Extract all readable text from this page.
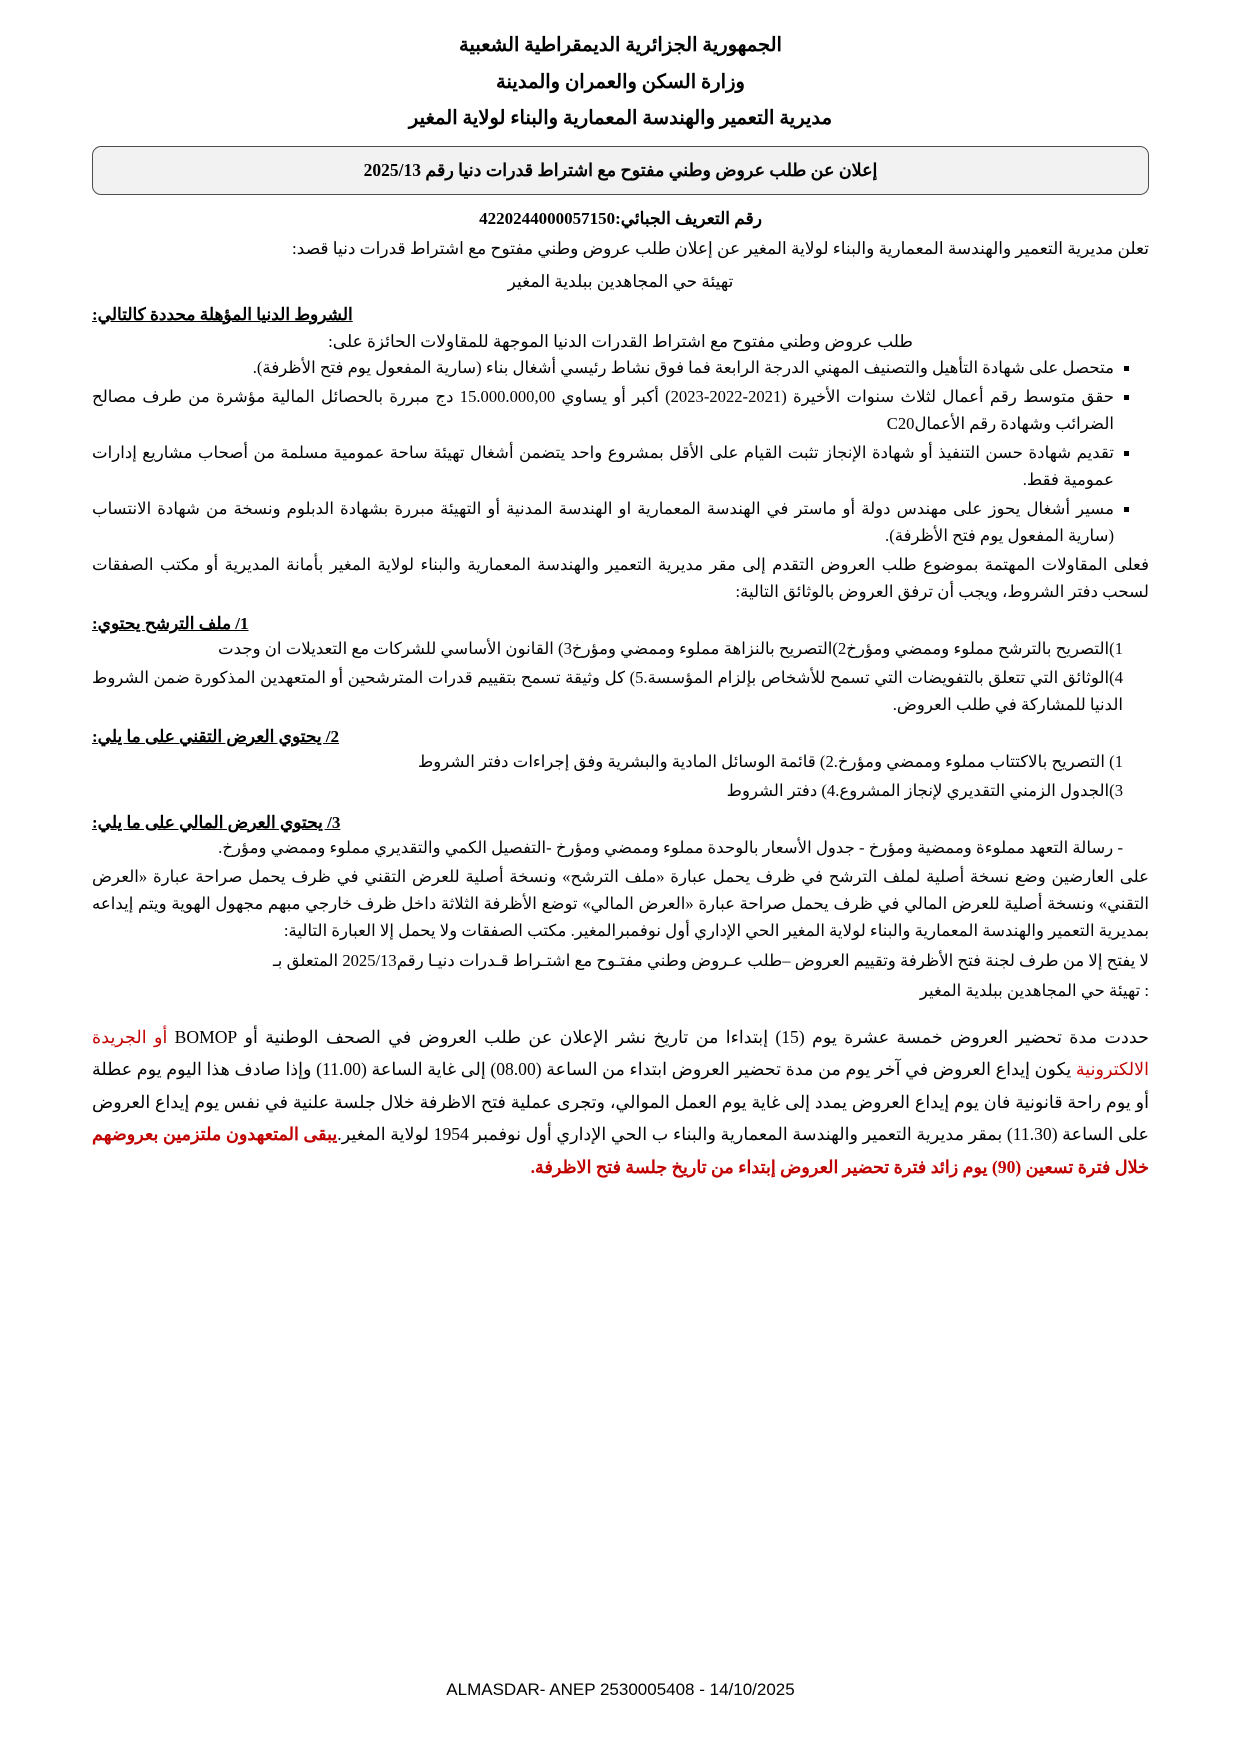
الجمهورية الجزائرية الديمقراطية الشعبية
وزارة السكن والعمران والمدينة
مديرية التعمير والهندسة المعمارية والبناء لولاية المغير
إعلان عن طلب عروض وطني مفتوح مع اشتراط قدرات دنيا رقم 2025/13
رقم التعريف الجبائي:4220244000057150
تعلن مديرية التعمير والهندسة المعمارية والبناء لولاية المغير عن إعلان طلب عروض وطني مفتوح مع اشتراط قدرات دنيا قصد:
تهيئة حي المجاهدين ببلدية المغير
الشروط الدنيا المؤهلة محددة كالتالي:
طلب عروض وطني مفتوح مع اشتراط القدرات الدنيا الموجهة للمقاولات الحائزة على:
متحصل على شهادة التأهيل والتصنيف المهني الدرجة الرابعة فما فوق نشاط رئيسي أشغال بناء (سارية المفعول يوم فتح الأظرفة).
حقق متوسط رقم أعمال لثلاث سنوات الأخيرة (2021-2022-2023) أكبر أو يساوي 15.000.000,00 دج مبررة بالحصائل المالية مؤشرة من طرف مصالح الضرائب وشهادة رقم الأعمالC20
تقديم شهادة حسن التنفيذ أو شهادة الإنجاز تثبت القيام على الأقل بمشروع واحد يتضمن أشغال تهيئة ساحة عمومية مسلمة من أصحاب مشاريع إدارات عمومية فقط.
مسير أشغال يحوز على مهندس دولة أو ماستر في الهندسة المعمارية او الهندسة المدنية أو التهيئة مبررة بشهادة الدبلوم ونسخة من شهادة الانتساب (سارية المفعول يوم فتح الأظرفة).
فعلى المقاولات المهتمة بموضوع طلب العروض التقدم إلى مقر مديرية التعمير والهندسة المعمارية والبناء لولاية المغير بأمانة المديرية أو مكتب الصفقات لسحب دفتر الشروط، ويجب أن ترفق العروض بالوثائق التالية:
1/ ملف الترشح يحتوي:
1)التصريح بالترشح مملوء وممضي ومؤرخ2)التصريح بالنزاهة مملوء وممضي ومؤرخ3) القانون الأساسي للشركات مع التعديلات ان وجدت
4)الوثائق التي تتعلق بالتفويضات التي تسمح للأشخاص بإلزام المؤسسة.5) كل وثيقة تسمح بتقييم قدرات المترشحين أو المتعهدين المذكورة ضمن الشروط الدنيا للمشاركة في طلب العروض.
2/ يحتوي العرض التقني على ما يلي:
1) التصريح بالاكتتاب مملوء وممضي ومؤرخ.2) قائمة الوسائل المادية والبشرية وفق إجراءات دفتر الشروط
3)الجدول الزمني التقديري لإنجاز المشروع.4) دفتر الشروط
3/ يحتوي العرض المالي على ما يلي:
- رسالة التعهد مملوءة وممضية ومؤرخ - جدول الأسعار بالوحدة مملوء وممضي ومؤرخ -التفصيل الكمي والتقديري مملوء وممضي ومؤرخ.
على العارضين وضع نسخة أصلية لملف الترشح في ظرف يحمل عبارة «ملف الترشح» ونسخة أصلية للعرض التقني في ظرف يحمل صراحة عبارة «العرض التقني» ونسخة أصلية للعرض المالي في ظرف يحمل صراحة عبارة «العرض المالي» توضع الأظرفة الثلاثة داخل ظرف خارجي مبهم مجهول الهوية ويتم إيداعه بمديرية التعمير والهندسة المعمارية والبناء لولاية المغير الحي الإداري أول نوفمبرالمغير. مكتب الصفقات ولا يحمل إلا العبارة التالية:
لا يفتح إلا من طرف لجنة فتح الأظرفة وتقييم العروض –طلب عـروض وطني مفتـوح مع اشتـراط قـدرات دنيـا رقم2025/13 المتعلق بـ
: تهيئة حي المجاهدين ببلدية المغير
حددت مدة تحضير العروض خمسة عشرة يوم (15) إبتداءا من تاريخ نشر الإعلان عن طلب العروض في الصحف الوطنية أو BOMOP أو الجريدة الالكترونية يكون إيداع العروض في آخر يوم من مدة تحضير العروض ابتداء من الساعة (08.00) إلى غاية الساعة (11.00) وإذا صادف هذا اليوم يوم عطلة أو يوم راحة قانونية فان يوم إيداع العروض يمدد إلى غاية يوم العمل الموالي، وتجرى عملية فتح الاظرفة خلال جلسة علنية في نفس يوم إيداع العروض على الساعة (11.30) بمقر مديرية التعمير والهندسة المعمارية والبناء ب الحي الإداري أول نوفمبر 1954 لولاية المغير.يبقى المتعهدون ملتزمين بعروضهم خلال فترة تسعين (90) يوم زائد فترة تحضير العروض إبتداء من تاريخ جلسة فتح الاظرفة.
ALMASDAR- ANEP 2530005408 - 14/10/2025
